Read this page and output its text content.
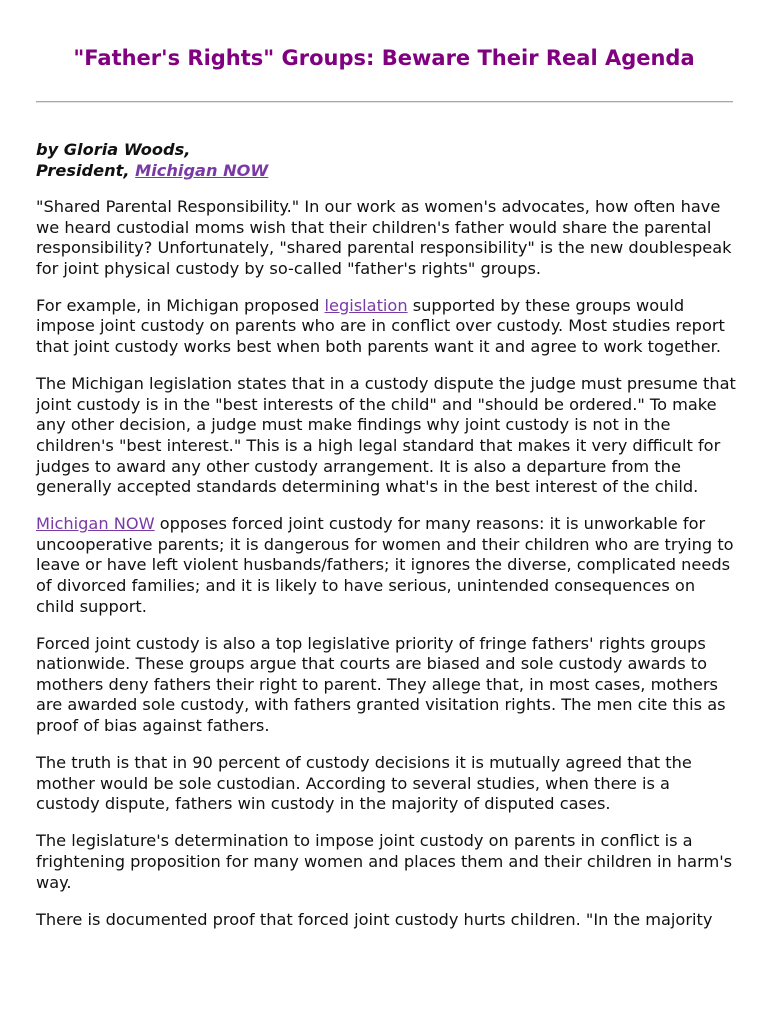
"Father's Rights" Groups: Beware Their Real Agenda
by Gloria Woods,
President, Michigan NOW

"Shared Parental Responsibility." In our work as women's advocates, how often have we heard custodial moms wish that their children's father would share the parental responsibility? Unfortunately, "shared parental responsibility" is the new doublespeak for joint physical custody by so-called "father's rights" groups.

For example, in Michigan proposed legislation supported by these groups would impose joint custody on parents who are in conflict over custody. Most studies report that joint custody works best when both parents want it and agree to work together.

The Michigan legislation states that in a custody dispute the judge must presume that joint custody is in the "best interests of the child" and "should be ordered." To make any other decision, a judge must make findings why joint custody is not in the children's "best interest." This is a high legal standard that makes it very difficult for judges to award any other custody arrangement. It is also a departure from the generally accepted standards determining what's in the best interest of the child.

Michigan NOW opposes forced joint custody for many reasons: it is unworkable for uncooperative parents; it is dangerous for women and their children who are trying to leave or have left violent husbands/fathers; it ignores the diverse, complicated needs of divorced families; and it is likely to have serious, unintended consequences on child support.

Forced joint custody is also a top legislative priority of fringe fathers' rights groups nationwide. These groups argue that courts are biased and sole custody awards to mothers deny fathers their right to parent. They allege that, in most cases, mothers are awarded sole custody, with fathers granted visitation rights. The men cite this as proof of bias against fathers.

The truth is that in 90 percent of custody decisions it is mutually agreed that the mother would be sole custodian. According to several studies, when there is a custody dispute, fathers win custody in the majority of disputed cases.

The legislature's determination to impose joint custody on parents in conflict is a frightening proposition for many women and places them and their children in harm's way.

There is documented proof that forced joint custody hurts children. "In the majority
